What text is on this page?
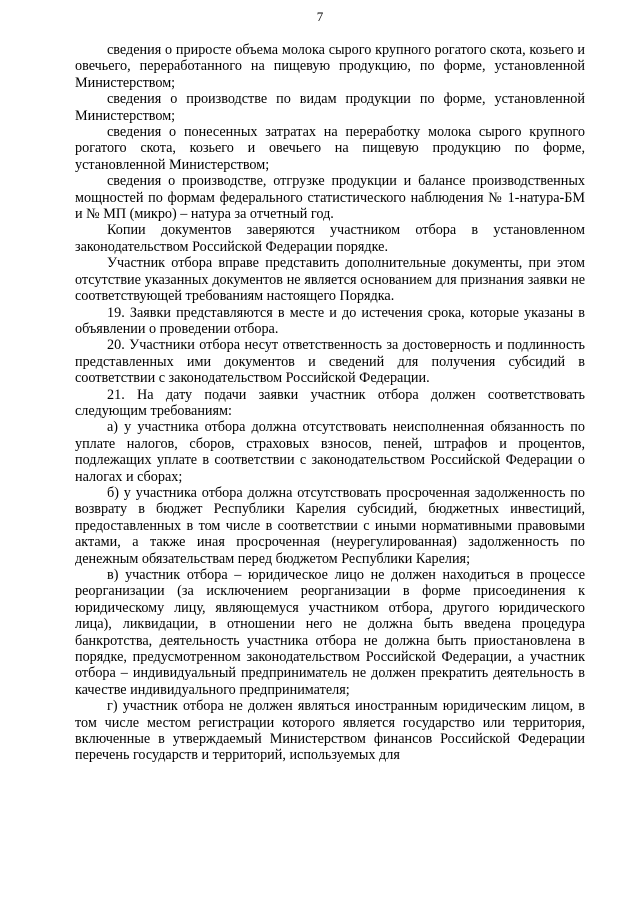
7

сведения о приросте объема молока сырого крупного рогатого скота, козьего и овечьего, переработанного на пищевую продукцию, по форме, установленной Министерством;

сведения о производстве по видам продукции по форме, установленной Министерством;

сведения о понесенных затратах на переработку молока сырого крупного рогатого скота, козьего и овечьего на пищевую продукцию по форме, установленной Министерством;

сведения о производстве, отгрузке продукции и балансе производственных мощностей по формам федерального статистического наблюдения № 1-натура-БМ и № МП (микро) – натура за отчетный год.

Копии документов заверяются участником отбора в установленном законодательством Российской Федерации порядке.

Участник отбора вправе представить дополнительные документы, при этом отсутствие указанных документов не является основанием для признания заявки не соответствующей требованиям настоящего Порядка.

19. Заявки представляются в месте и до истечения срока, которые указаны в объявлении о проведении отбора.

20. Участники отбора несут ответственность за достоверность и подлинность представленных ими документов и сведений для получения субсидий в соответствии с законодательством Российской Федерации.

21. На дату подачи заявки участник отбора должен соответствовать следующим требованиям:

а) у участника отбора должна отсутствовать неисполненная обязанность по уплате налогов, сборов, страховых взносов, пеней, штрафов и процентов, подлежащих уплате в соответствии с законодательством Российской Федерации о налогах и сборах;

б) у участника отбора должна отсутствовать просроченная задолженность по возврату в бюджет Республики Карелия субсидий, бюджетных инвестиций, предоставленных в том числе в соответствии с иными нормативными правовыми актами, а также иная просроченная (неурегулированная) задолженность по денежным обязательствам перед бюджетом Республики Карелия;

в) участник отбора – юридическое лицо не должен находиться в процессе реорганизации (за исключением реорганизации в форме присоединения к юридическому лицу, являющемуся участником отбора, другого юридического лица), ликвидации, в отношении него не должна быть введена процедура банкротства, деятельность участника отбора не должна быть приостановлена в порядке, предусмотренном законодательством Российской Федерации, а участник отбора – индивидуальный предприниматель не должен прекратить деятельность в качестве индивидуального предпринимателя;

г) участник отбора не должен являться иностранным юридическим лицом, в том числе местом регистрации которого является государство или территория, включенные в утверждаемый Министерством финансов Российской Федерации перечень государств и территорий, используемых для
